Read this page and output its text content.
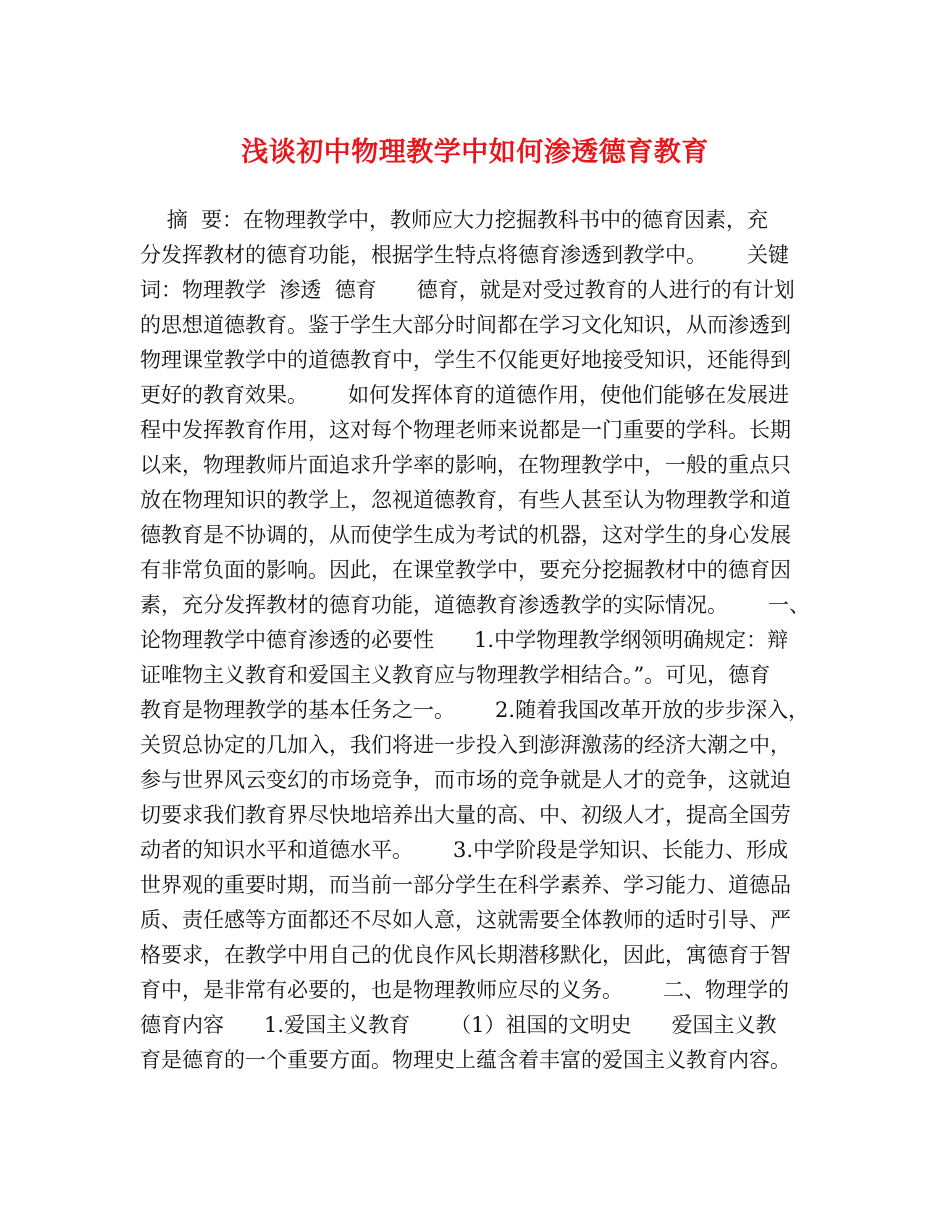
浅谈初中物理教学中如何渗透德育教育
摘  要：在物理教学中，教师应大力挖掘教科书中的德育因素，充
分发挥教材的德育功能，根据学生特点将德育渗透到教学中。      关键
词：物理教学  渗透  德育      德育，就是对受过教育的人进行的有计划
的思想道德教育。鉴于学生大部分时间都在学习文化知识，从而渗透到
物理课堂教学中的道德教育中，学生不仅能更好地接受知识，还能得到
更好的教育效果。      如何发挥体育的道德作用，使他们能够在发展进
程中发挥教育作用，这对每个物理老师来说都是一门重要的学科。长期
以来，物理教师片面追求升学率的影响，在物理教学中，一般的重点只
放在物理知识的教学上，忽视道德教育，有些人甚至认为物理教学和道
德教育是不协调的，从而使学生成为考试的机器，这对学生的身心发展
有非常负面的影响。因此，在课堂教学中，要充分挖掘教材中的德育因
素，充分发挥教材的德育功能，道德教育渗透教学的实际情况。      一、
论物理教学中德育渗透的必要性      1.中学物理教学纲领明确规定：辩
证唯物主义教育和爱国主义教育应与物理教学相结合。”。可见，德育
教育是物理教学的基本任务之一。      2.随着我国改革开放的步步深入，
关贸总协定的几加入，我们将进一步投入到澎湃激荡的经济大潮之中，
参与世界风云变幻的市场竞争，而市场的竞争就是人才的竞争，这就迫
切要求我们教育界尽快地培养出大量的高、中、初级人才，提高全国劳
动者的知识水平和道德水平。      3.中学阶段是学知识、长能力、形成
世界观的重要时期，而当前一部分学生在科学素养、学习能力、道德品
质、责任感等方面都还不尽如人意，这就需要全体教师的适时引导、严
格要求，在教学中用自己的优良作风长期潜移默化，因此，寓德育于智
育中，是非常有必要的，也是物理教师应尽的义务。      二、物理学的
德育内容      1.爱国主义教育      （1）祖国的文明史      爱国主义教
育是德育的一个重要方面。物理史上蕴含着丰富的爱国主义教育内容。
